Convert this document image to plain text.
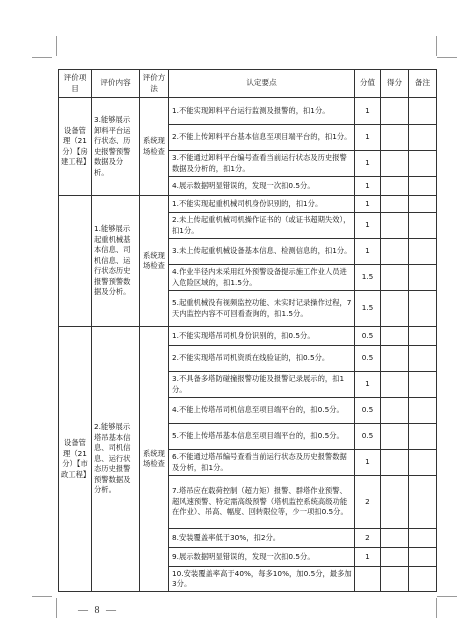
评价项目	评价内容	评价方法	认定要点	分值	得分	备注
设备管理（21分）【房建工程】	3.能够展示卸料平台运行状态、历史报警预警数据及分析。	系统现场检查	1.不能实现卸料平台运行监测及报警的，扣1分。	1		
			2.不能上传卸料平台基本信息至项目端平台的，扣1分。	1		
			3.不能通过卸料平台编号查看当前运行状态及历史报警数据及分析的，扣1分。	1		
			4.展示数据明显错误的，发现一次扣0.5分。	1		
	1.能够展示起重机械基本信息、司机信息、运行状态历史报警预警数据及分析。	系统现场检查	1.不能实现起重机械司机身份识别的，扣1分。	1		
			2.未上传起重机械司机操作证书的（或证书超期失效），扣1分。	1		
			3.未上传起重机械设备基本信息、检测信息的，扣1分。	1		
			4.作业半径内未采用红外预警设备提示施工作业人员进入危险区域的，扣1.5分。	1.5		
			5.起重机械没有视频监控功能、未实时记录操作过程，7天内监控内容不可回看查询的，扣1.5分。	1.5		
设备管理（21分）【市政工程】	2.能够展示塔吊基本信息、司机信息、运行状态历史报警预警数据及分析。	系统现场检查	1.不能实现塔吊司机身份识别的，扣0.5分。	0.5		
			2.不能实现塔吊司机资质在线验证的，扣0.5分。	0.5		
			3.不具备多塔防碰撞报警功能及报警记录展示的，扣1分。	1		
			4.不能上传塔吊司机信息至项目端平台的，扣0.5分。	0.5		
			5.不能上传塔吊基本信息至项目端平台的，扣0.5分。	0.5		
			6.不能通过塔吊编号查看当前运行状态及历史报警数据及分析，扣1分。	1		
			7.塔吊应在载荷控制（超力矩）报警、群塔作业预警、超风速预警、特定需高级预警（塔机监控系统高级功能在作业）、吊高、幅度、回转限位等，少一项扣0.5分。	2		
			8.安装覆盖率低于30%，扣2分。	2		
			9.展示数据明显错误的，发现一次扣0.5分。	1		
			10.安装覆盖率高于40%，每多10%，加0.5分，最多加3分。			
— 8 —
